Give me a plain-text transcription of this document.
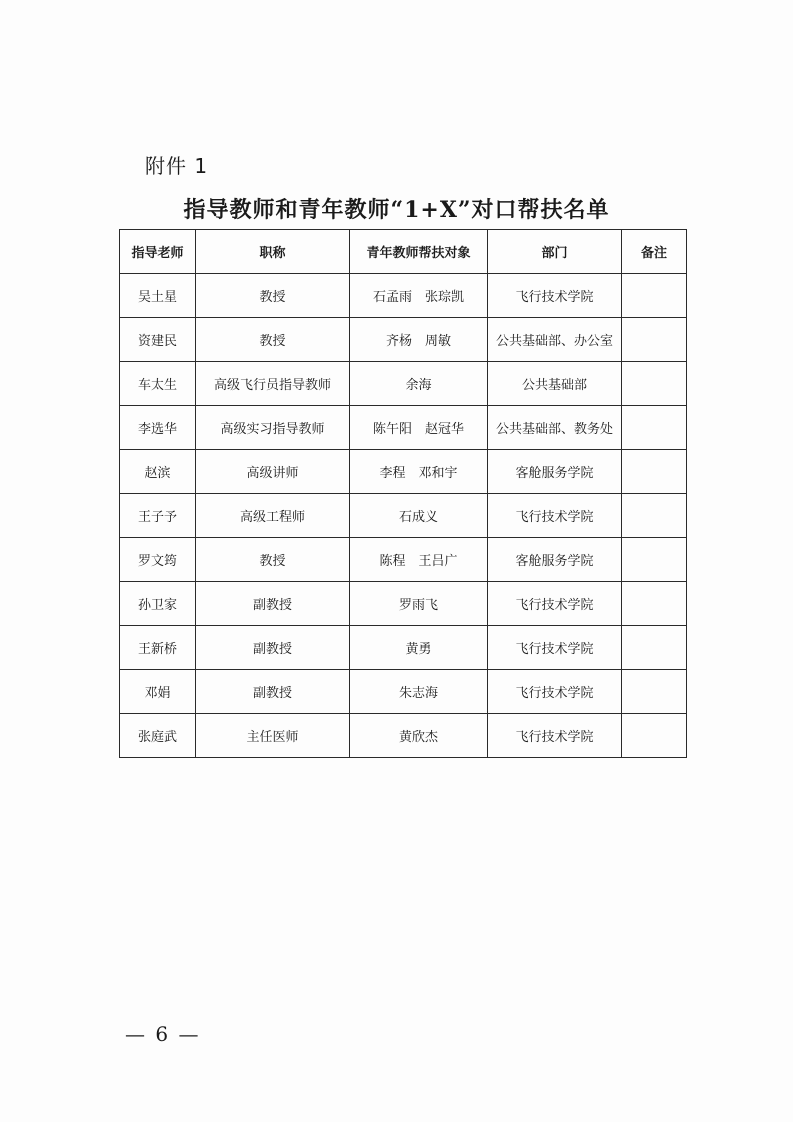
附件 1
指导教师和青年教师“1+X”对口帮扶名单
指导老师	职称	青年教师帮扶对象	部门	备注
吴土星	教授	石孟雨　张琮凯	飞行技术学院	
资建民	教授	齐杨　周敏	公共基础部、办公室	
车太生	高级飞行员指导教师	余海	公共基础部	
李选华	高级实习指导教师	陈午阳　赵冠华	公共基础部、教务处	
赵滨	高级讲师	李程　邓和宇	客舱服务学院	
王子予	高级工程师	石成义	飞行技术学院	
罗文筠	教授	陈程　王吕广	客舱服务学院	
孙卫家	副教授	罗雨飞	飞行技术学院	
王新桥	副教授	黄勇	飞行技术学院	
邓娟	副教授	朱志海	飞行技术学院	
张庭武	主任医师	黄欣杰	飞行技术学院	
— 6 —
